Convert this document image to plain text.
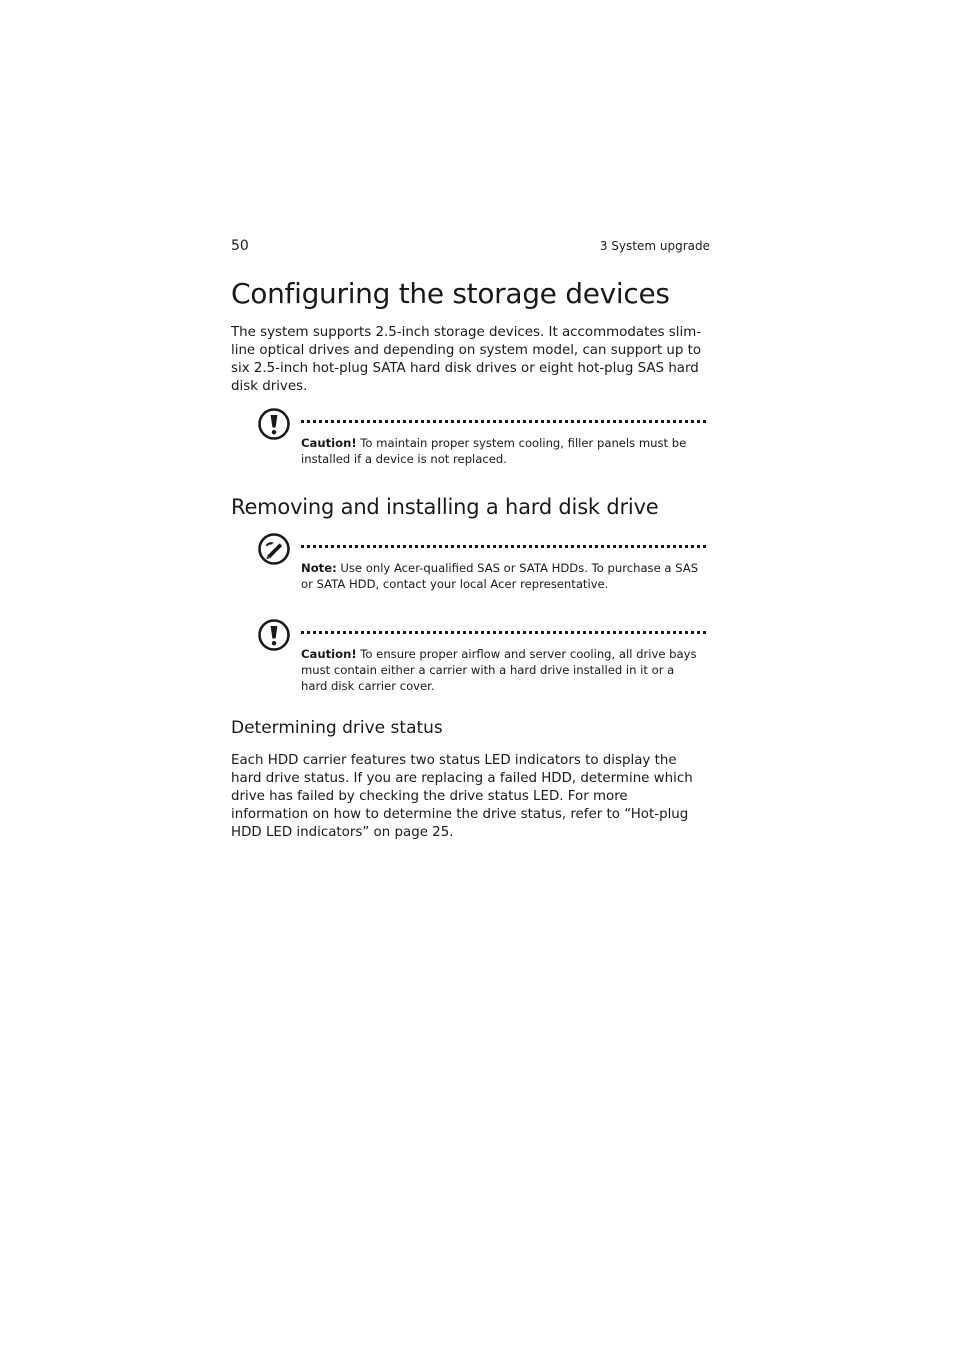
50	3 System upgrade
Configuring the storage devices

The system supports 2.5-inch storage devices. It accommodates slim-line optical drives and depending on system model, can support up to six 2.5-inch hot-plug SATA hard disk drives or eight hot-plug SAS hard disk drives.

Caution! To maintain proper system cooling, filler panels must be installed if a device is not replaced.

Removing and installing a hard disk drive

Note: Use only Acer-qualified SAS or SATA HDDs. To purchase a SAS or SATA HDD, contact your local Acer representative.

Caution! To ensure proper airflow and server cooling, all drive bays must contain either a carrier with a hard drive installed in it or a hard disk carrier cover.

Determining drive status

Each HDD carrier features two status LED indicators to display the hard drive status. If you are replacing a failed HDD, determine which drive has failed by checking the drive status LED. For more information on how to determine the drive status, refer to “Hot-plug HDD LED indicators” on page 25.
